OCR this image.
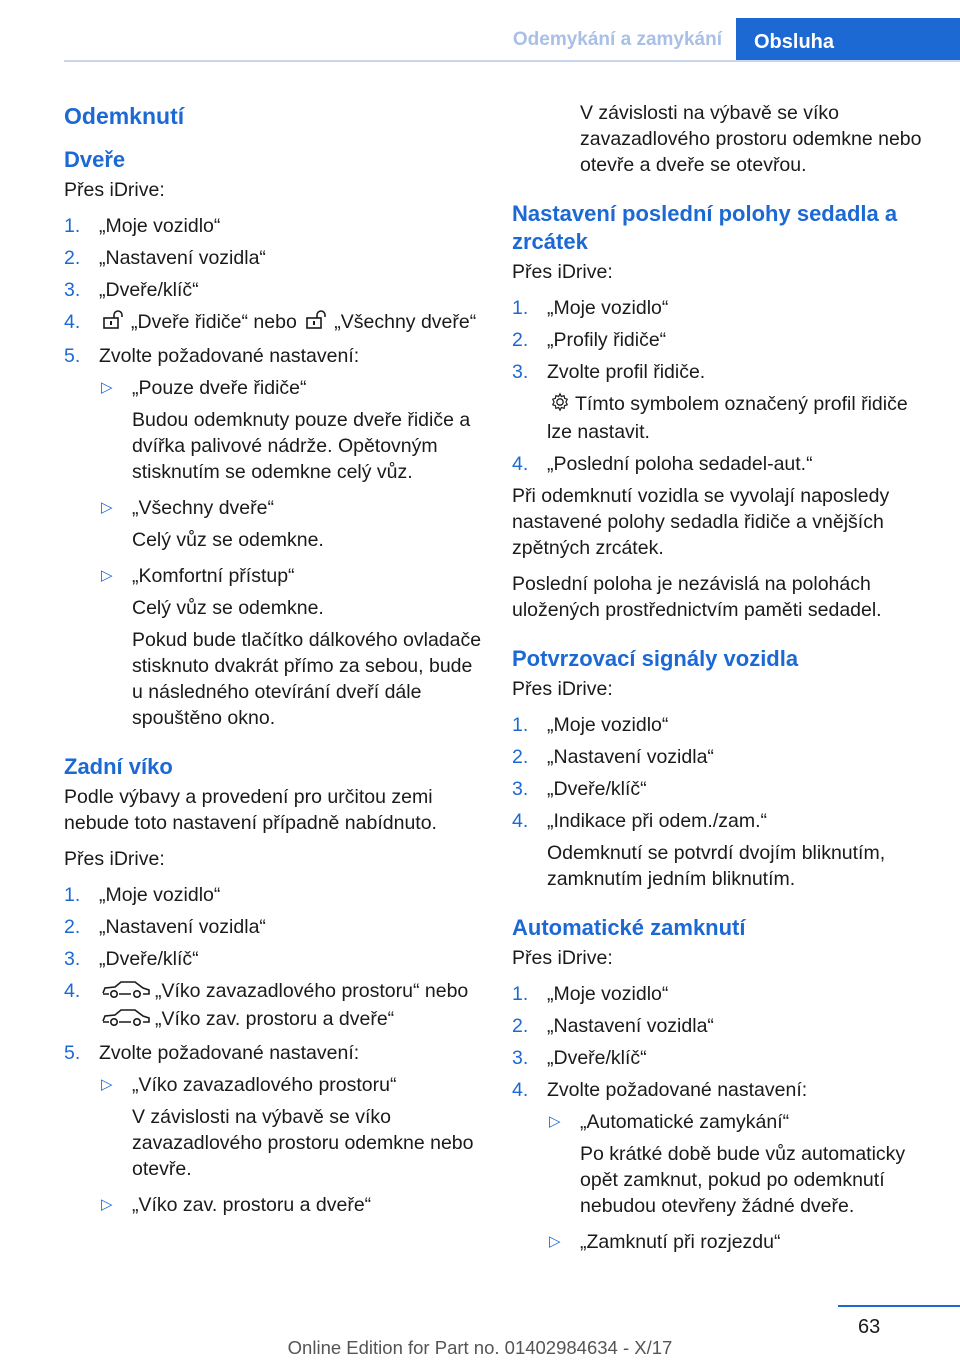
Odemykání a zamykání	Obsluha
Odemknutí
Dveře

Přes iDrive:

1. „Moje vozidlo“
2. „Nastavení vozidla“
3. „Dveře/klíč“
4.	„Dveře řidiče“ nebo „Všechny dveře“
5. Zvolte požadované nastavení:
▷ „Pouze dveře řidiče“
Budou odemknuty pouze dveře řidiče a dvířka palivové nádrže. Opětovným stisknutím se odemkne celý vůz.
▷ „Všechny dveře“
Celý vůz se odemkne.
▷ „Komfortní přístup“
Celý vůz se odemkne.
Pokud bude tlačítko dálkového ovladače stisknuto dvakrát přímo za sebou, bude u následného otevírání dveří dále spouštěno okno.
Zadní víko

Podle výbavy a provedení pro určitou zemi nebude toto nastavení případně nabídnuto.

Přes iDrive:

1. „Moje vozidlo“
2. „Nastavení vozidla“
3. „Dveře/klíč“
4.	„Víko zavazadlového prostoru“ nebo
„Víko zav. prostoru a dveře“
5. Zvolte požadované nastavení:
▷ „Víko zavazadlového prostoru“
V závislosti na výbavě se víko zavazadlového prostoru odemkne nebo otevře.
▷ „Víko zav. prostoru a dveře“
V závislosti na výbavě se víko zavazadlového prostoru odemkne nebo otevře a dveře se otevřou.
Nastavení poslední polohy sedadla a zrcátek

Přes iDrive:

1. „Moje vozidlo“
2. „Profily řidiče“
3. Zvolte profil řidiče.
Tímto symbolem označený profil řidiče lze nastavit.
4. „Poslední poloha sedadel-aut.“

Při odemknutí vozidla se vyvolají naposledy nastavené polohy sedadla řidiče a vnějších zpětných zrcátek.

Poslední poloha je nezávislá na polohách uložených prostřednictvím paměti sedadel.

Potvrzovací signály vozidla

Přes iDrive:

1. „Moje vozidlo“
2. „Nastavení vozidla“
3. „Dveře/klíč“
4. „Indikace při odem./zam.“
Odemknutí se potvrdí dvojím bliknutím, zamknutím jedním bliknutím.
Automatické zamknutí

Přes iDrive:

1. „Moje vozidlo“
2. „Nastavení vozidla“
3. „Dveře/klíč“
4. Zvolte požadované nastavení:
▷ „Automatické zamykání“
Po krátké době bude vůz automaticky opět zamknut, pokud po odemknutí nebudou otevřeny žádné dveře.
▷ „Zamknutí při rozjezdu“
63
Online Edition for Part no. 01402984634 - X/17
